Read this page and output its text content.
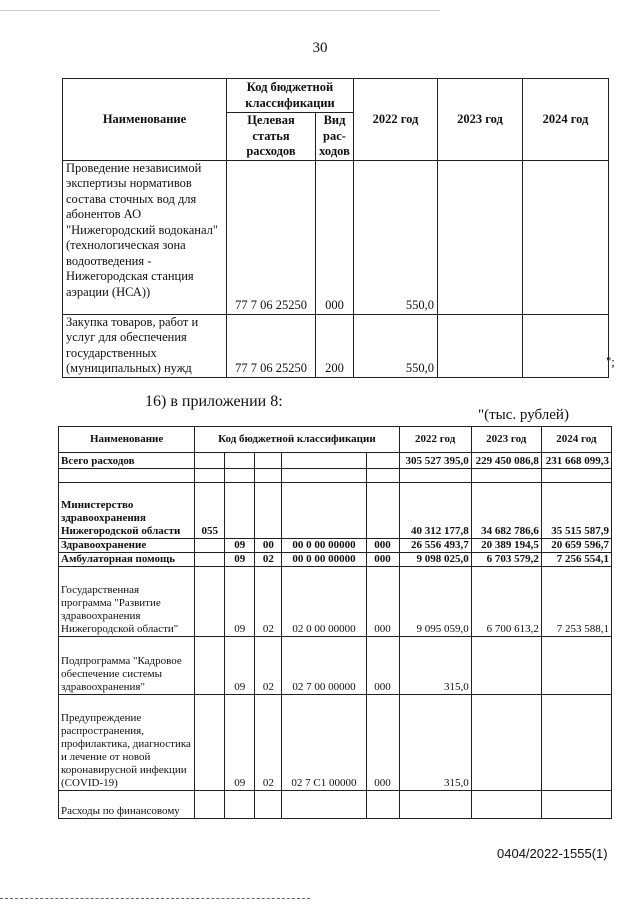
30
Наименование	Код бюджетной классификации		2022 год	2023 год	2024 год
	Целевая статья расходов	Вид рас-ходов			
Проведение независимой экспертизы нормативов состава сточных вод для абонентов АО "Нижегородский водоканал" (технологическая зона водоотведения - Нижегородская станция аэрации (НСА))	77 7 06 25250	000	550,0		
Закупка товаров, работ и услуг для обеспечения государственных (муниципальных) нужд	77 7 06 25250	200	550,0			";
16) в приложении 8:
"(тыс. рублей)
Наименование	Код бюджетной классификации					2022 год	2023 год	2024 год
Всего расходов						305 527 395,0	229 450 086,8	231 668 099,3

Министерство здравоохранения Нижегородской области	055					40 312 177,8	34 682 786,6	35 515 587,9
Здравоохранение		09	00	00 0 00 00000	000	26 556 493,7	20 389 194,5	20 659 596,7
Амбулаторная помощь		09	02	00 0 00 00000	000	9 098 025,0	6 703 579,2	7 256 554,1
Государственная программа "Развитие здравоохранения Нижегородской области"		09	02	02 0 00 00000	000	9 095 059,0	6 700 613,2	7 253 588,1
Подпрограмма "Кадровое обеспечение системы здравоохранения"		09	02	02 7 00 00000	000	315,0		
Предупреждение распространения, профилактика, диагностика и лечение от новой коронавирусной инфекции (COVID-19)		09	02	02 7 C1 00000	000	315,0		
Расходы по финансовому								
0404/2022-1555(1)
